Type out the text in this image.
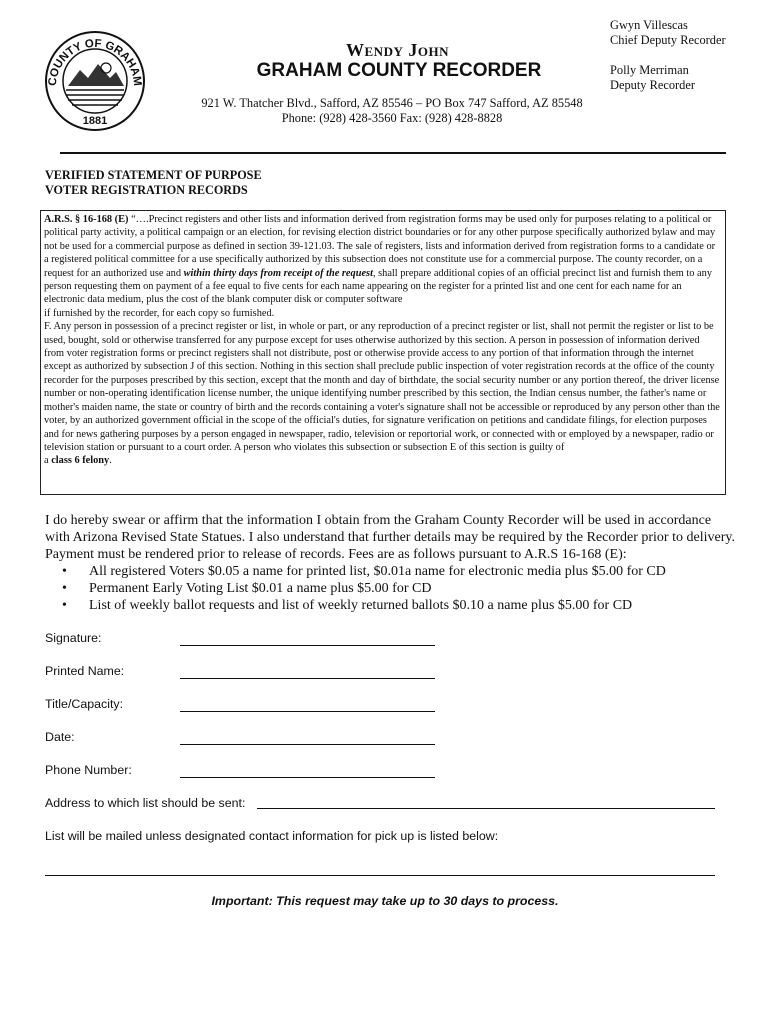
COUNTY OF GRAHAM
1881
Wendy John
GRAHAM COUNTY RECORDER
921 W. Thatcher Blvd., Safford, AZ 85546 – PO Box 747 Safford, AZ 85548
Phone: (928) 428-3560 Fax: (928) 428-8828
Gwyn Villescas
Chief Deputy Recorder
Polly Merriman
Deputy Recorder
VERIFIED STATEMENT OF PURPOSE
VOTER REGISTRATION RECORDS

A.R.S. § 16-168 (E) “….Precinct registers and other lists and information derived from registration forms may be used only for purposes relating to a political or political party activity, a political campaign or an election, for revising election district boundaries or for any other purpose specifically authorized bylaw and may not be used for a commercial purpose as defined in section 39-121.03. The sale of registers, lists and information derived from registration forms to a candidate or a registered political committee for a use specifically authorized by this subsection does not constitute use for a commercial purpose. The county recorder, on a request for an authorized use and within thirty days from receipt of the request, shall prepare additional copies of an official precinct list and furnish them to any person requesting them on payment of a fee equal to five cents for each name appearing on the register for a printed list and one cent for each name for an electronic data medium, plus the cost of the blank computer disk or computer software

if furnished by the recorder, for each copy so furnished.

F. Any person in possession of a precinct register or list, in whole or part, or any reproduction of a precinct register or list, shall not permit the register or list to be used, bought, sold or otherwise transferred for any purpose except for uses otherwise authorized by this section. A person in possession of information derived from voter registration forms or precinct registers shall not distribute, post or otherwise provide access to any portion of that information through the internet except as authorized by subsection J of this section. Nothing in this section shall preclude public inspection of voter registration records at the office of the county recorder for the purposes prescribed by this section, except that the month and day of birthdate, the social security number or any portion thereof, the driver license number or non-operating identification license number, the unique identifying number prescribed by this section, the Indian census number, the father's name or mother's maiden name, the state or country of birth and the records containing a voter's signature shall not be accessible or reproduced by any person other than the voter, by an authorized government official in the scope of the official's duties, for signature verification on petitions and candidate filings, for election purposes and for news gathering purposes by a person engaged in newspaper, radio, television or reportorial work, or connected with or employed by a newspaper, radio or television station or pursuant to a court order. A person who violates this subsection or subsection E of this section is guilty of

a class 6 felony.

I do hereby swear or affirm that the information I obtain from the Graham County Recorder will be used in accordance with Arizona Revised State Statues. I also understand that further details may be required by the Recorder prior to delivery. Payment must be rendered prior to release of records. Fees are as follows pursuant to A.R.S 16-168 (E):
•	All registered Voters $0.05 a name for printed list, $0.01a name for electronic media plus $5.00 for CD
•	Permanent Early Voting List $0.01 a name plus $5.00 for CD
•	List of weekly ballot requests and list of weekly returned ballots $0.10 a name plus $5.00 for CD
Signature:
Printed Name:
Title/Capacity:
Date:
Phone Number:
Address to which list should be sent:
List will be mailed unless designated contact information for pick up is listed below:
Important: This request may take up to 30 days to process.
